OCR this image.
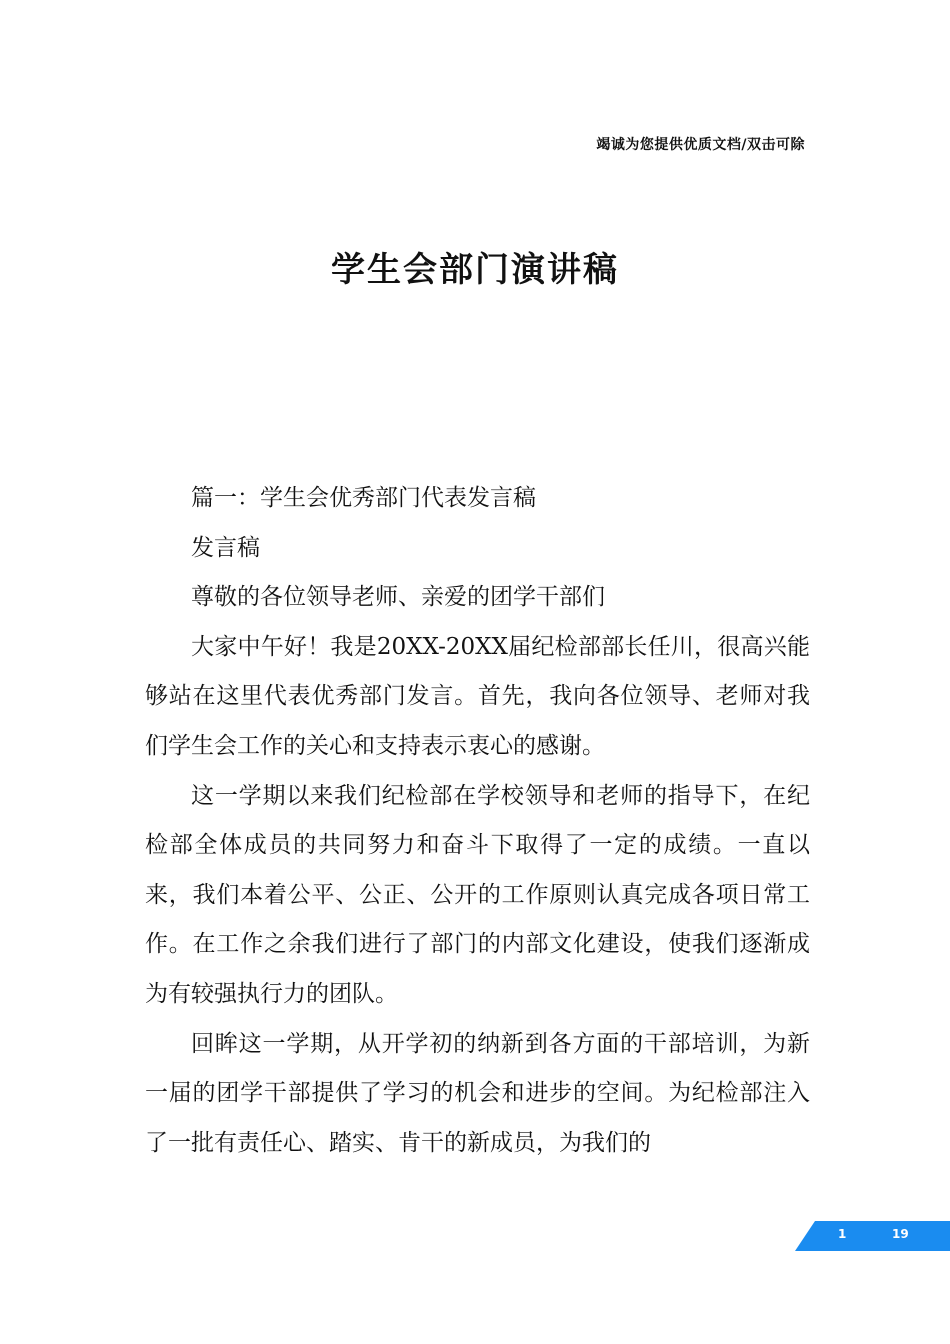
竭诚为您提供优质文档/双击可除
学生会部门演讲稿

篇一：学生会优秀部门代表发言稿

发言稿

尊敬的各位领导老师、亲爱的团学干部们

大家中午好！我是20XX-20XX届纪检部部长任川，很高兴能够站在这里代表优秀部门发言。首先，我向各位领导、老师对我们学生会工作的关心和支持表示衷心的感谢。

这一学期以来我们纪检部在学校领导和老师的指导下，在纪检部全体成员的共同努力和奋斗下取得了一定的成绩。一直以来，我们本着公平、公正、公开的工作原则认真完成各项日常工作。在工作之余我们进行了部门的内部文化建设，使我们逐渐成为有较强执行力的团队。

回眸这一学期，从开学初的纳新到各方面的干部培训，为新一届的团学干部提供了学习的机会和进步的空间。为纪检部注入了一批有责任心、踏实、肯干的新成员，为我们的

1	19
